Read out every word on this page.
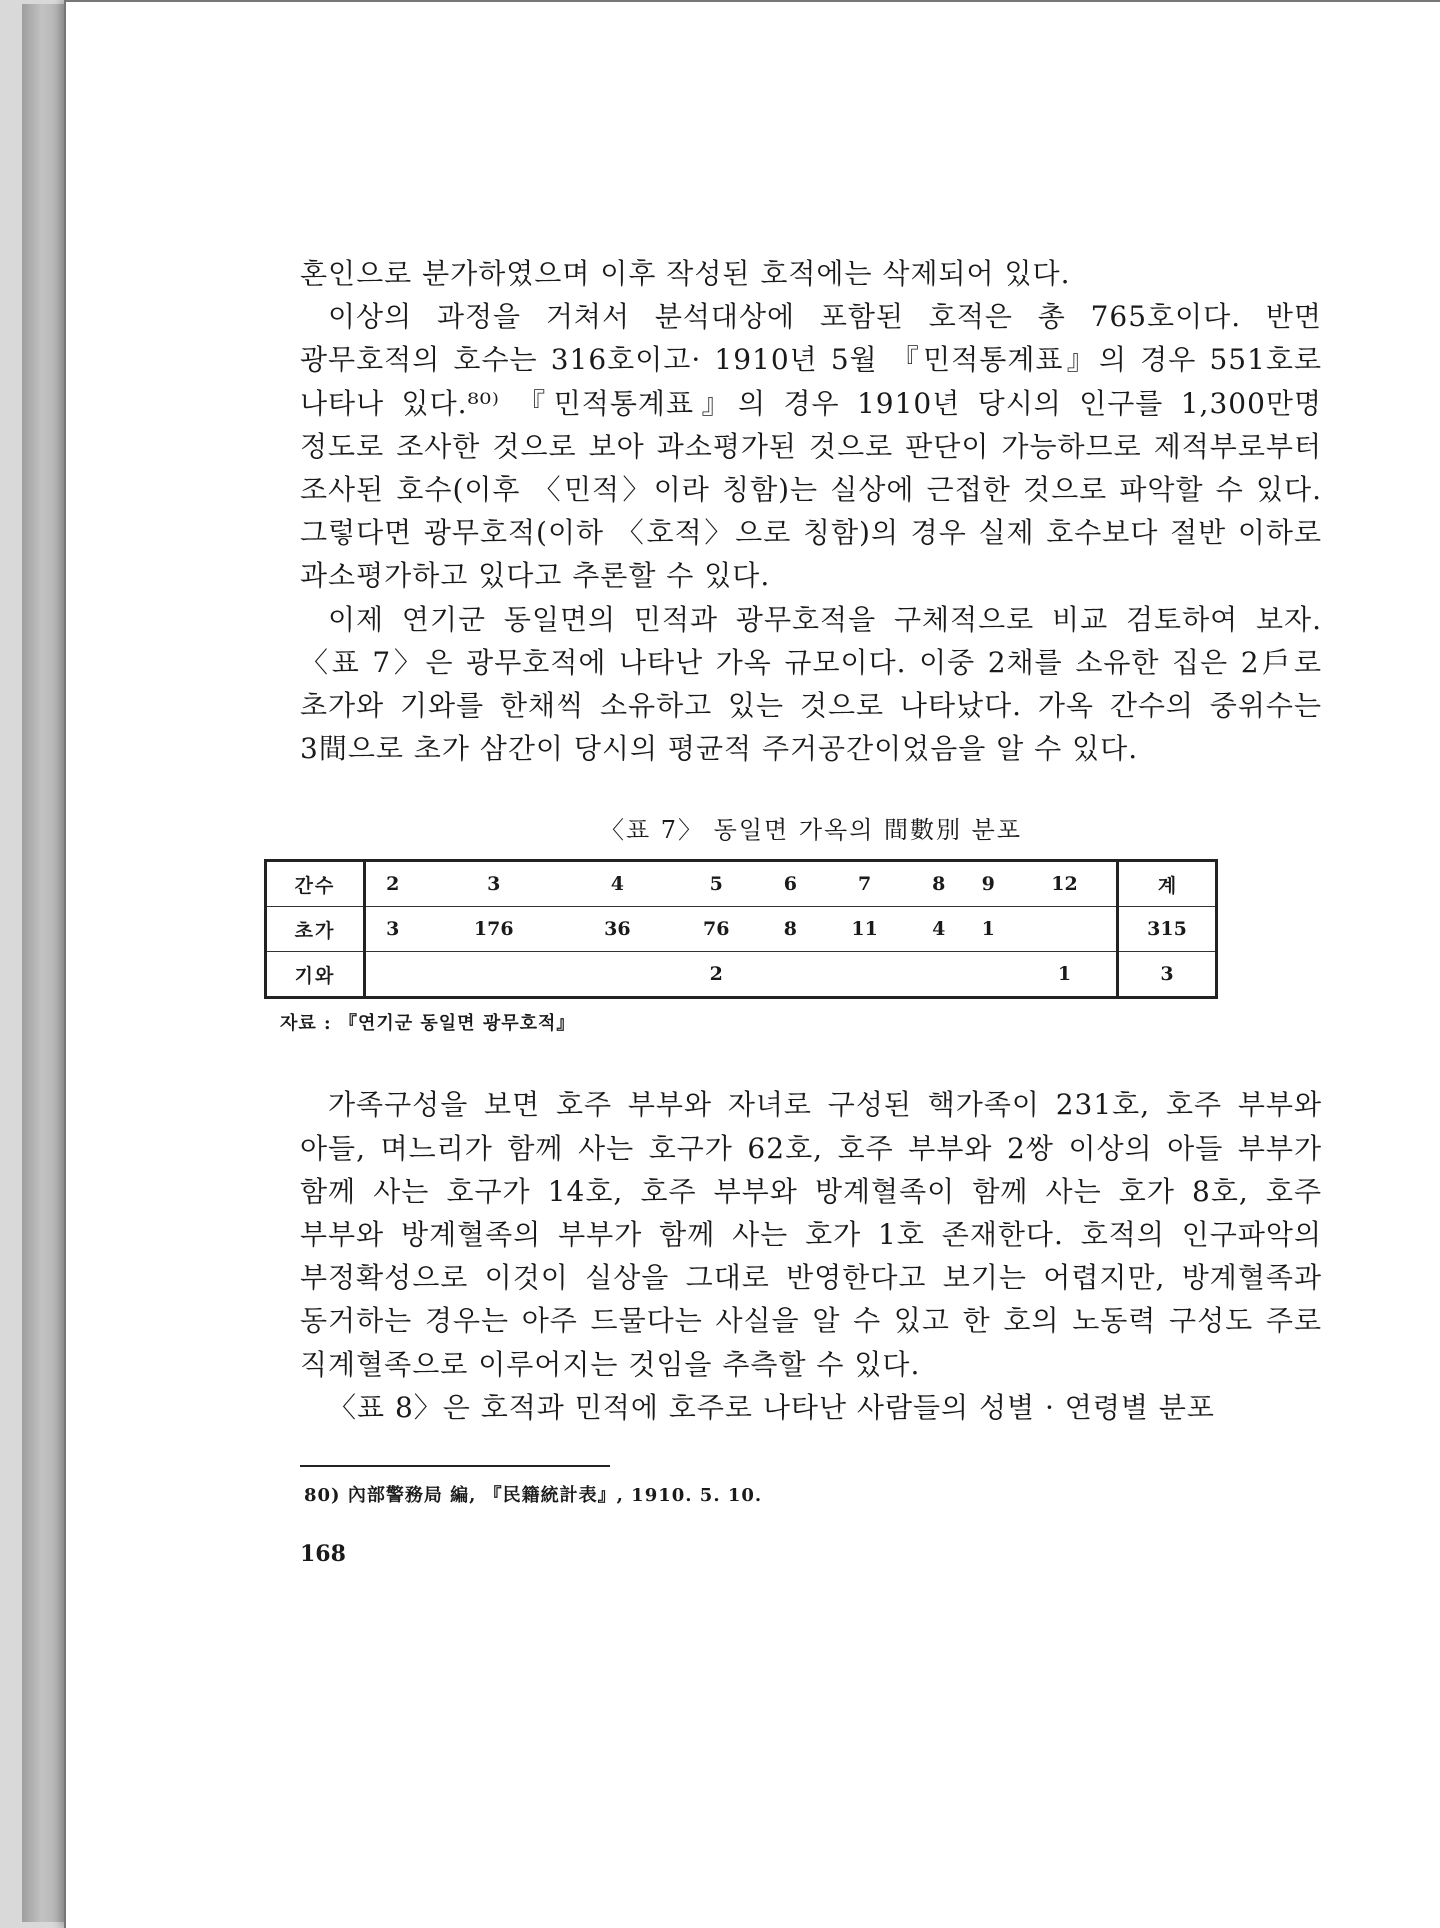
혼인으로 분가하였으며 이후 작성된 호적에는 삭제되어 있다.

이상의 과정을 거쳐서 분석대상에 포함된 호적은 총 765호이다. 반면 광무호적의 호수는 316호이고· 1910년 5월 『민적통계표』의 경우 551호로 나타나 있다.⁸⁰⁾ 『민적통계표』의 경우 1910년 당시의 인구를 1,300만명 정도로 조사한 것으로 보아 과소평가된 것으로 판단이 가능하므로 제적부로부터 조사된 호수(이후 〈민적〉이라 칭함)는 실상에 근접한 것으로 파악할 수 있다. 그렇다면 광무호적(이하 〈호적〉으로 칭함)의 경우 실제 호수보다 절반 이하로 과소평가하고 있다고 추론할 수 있다.

이제 연기군 동일면의 민적과 광무호적을 구체적으로 비교 검토하여 보자. 〈표 7〉은 광무호적에 나타난 가옥 규모이다. 이중 2채를 소유한 집은 2戶로 초가와 기와를 한채씩 소유하고 있는 것으로 나타났다. 가옥 간수의 중위수는 3間으로 초가 삼간이 당시의 평균적 주거공간이었음을 알 수 있다.

〈표 7〉 동일면 가옥의 間數別 분포

간수	2	3	4	5	6	7	8	9	12	계
초가	3	176	36	76	8	11	4	1		315
기와				2					1	3

자료 : 『연기군 동일면 광무호적』

가족구성을 보면 호주 부부와 자녀로 구성된 핵가족이 231호, 호주 부부와 아들, 며느리가 함께 사는 호구가 62호, 호주 부부와 2쌍 이상의 아들 부부가 함께 사는 호구가 14호, 호주 부부와 방계혈족이 함께 사는 호가 8호, 호주 부부와 방계혈족의 부부가 함께 사는 호가 1호 존재한다. 호적의 인구파악의 부정확성으로 이것이 실상을 그대로 반영한다고 보기는 어렵지만, 방계혈족과 동거하는 경우는 아주 드물다는 사실을 알 수 있고 한 호의 노동력 구성도 주로 직계혈족으로 이루어지는 것임을 추측할 수 있다.

〈표 8〉은 호적과 민적에 호주로 나타난 사람들의 성별 · 연령별 분포

80) 內部警務局 編, 『民籍統計表』, 1910. 5. 10.

168
